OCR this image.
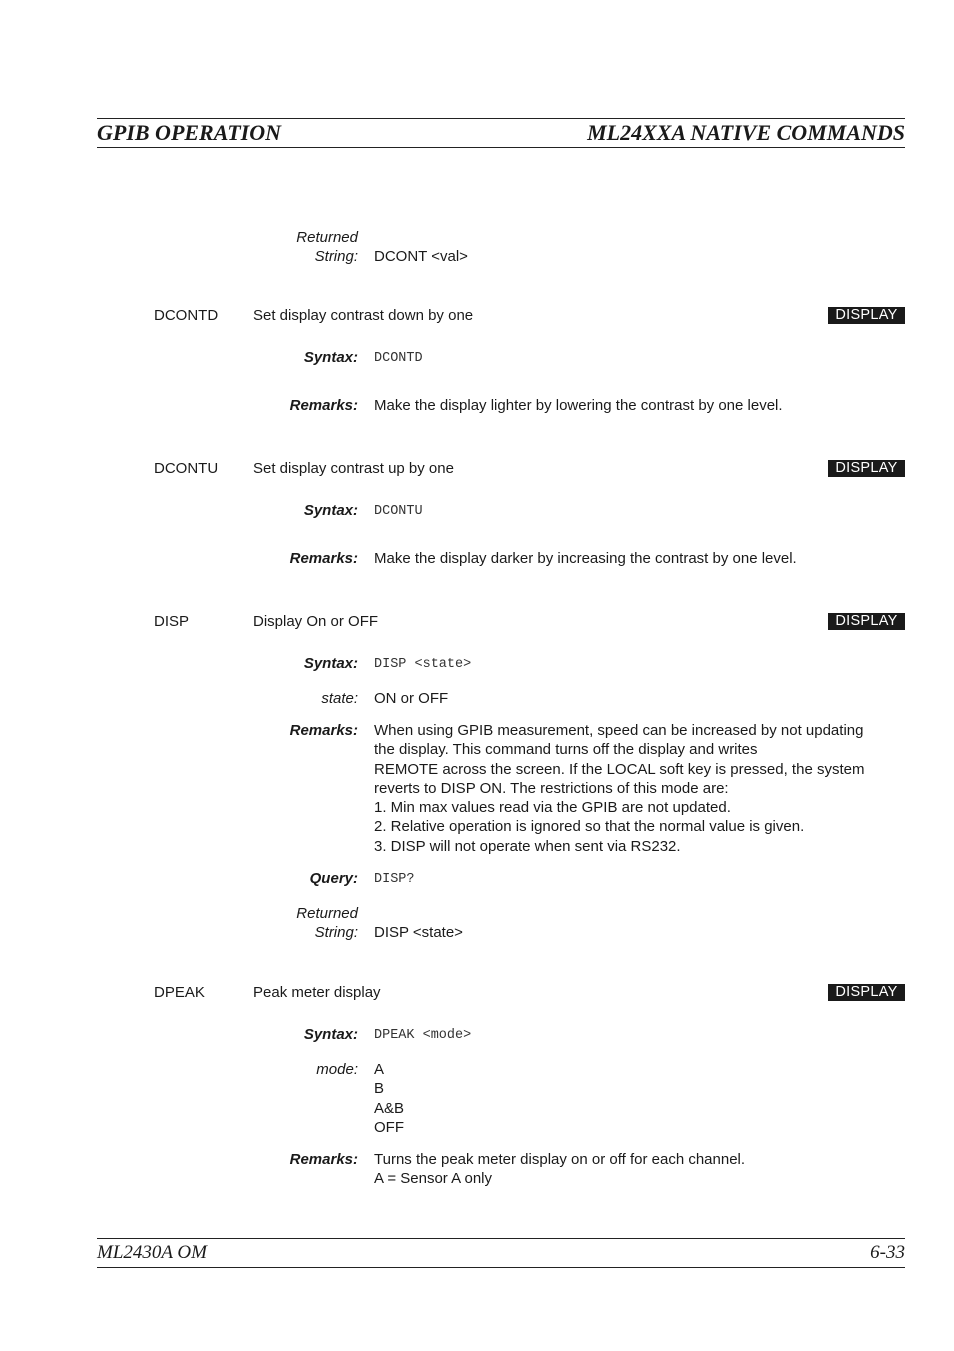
GPIB OPERATION	ML24XXA NATIVE COMMANDS
Returned
String: DCONT <val>
DCONTD Set display contrast down by one	DISPLAY
Syntax: DCONTD
Remarks: Make the display lighter by lowering the contrast by one level.
DCONTU Set display contrast up by one	DISPLAY
Syntax: DCONTU
Remarks: Make the display darker by increasing the contrast by one level.
DISP	Display On or OFF	DISPLAY
Syntax: DISP <state>
state: ON or OFF
Remarks: When using GPIB measurement, speed can be increased by not updating
the display. This command turns off the display and writes
REMOTE across the screen. If the LOCAL soft key is pressed, the system
reverts to DISP ON. The restrictions of this mode are:
1. Min max values read via the GPIB are not updated.
2. Relative operation is ignored so that the normal value is given.
3. DISP will not operate when sent via RS232.
Query: DISP?
Returned
String: DISP <state>
DPEAK	Peak meter display	DISPLAY
Syntax: DPEAK <mode>
mode: A
B
A&B
OFF
Remarks: Turns the peak meter display on or off for each channel.
A = Sensor A only
ML2430A OM	6-33
